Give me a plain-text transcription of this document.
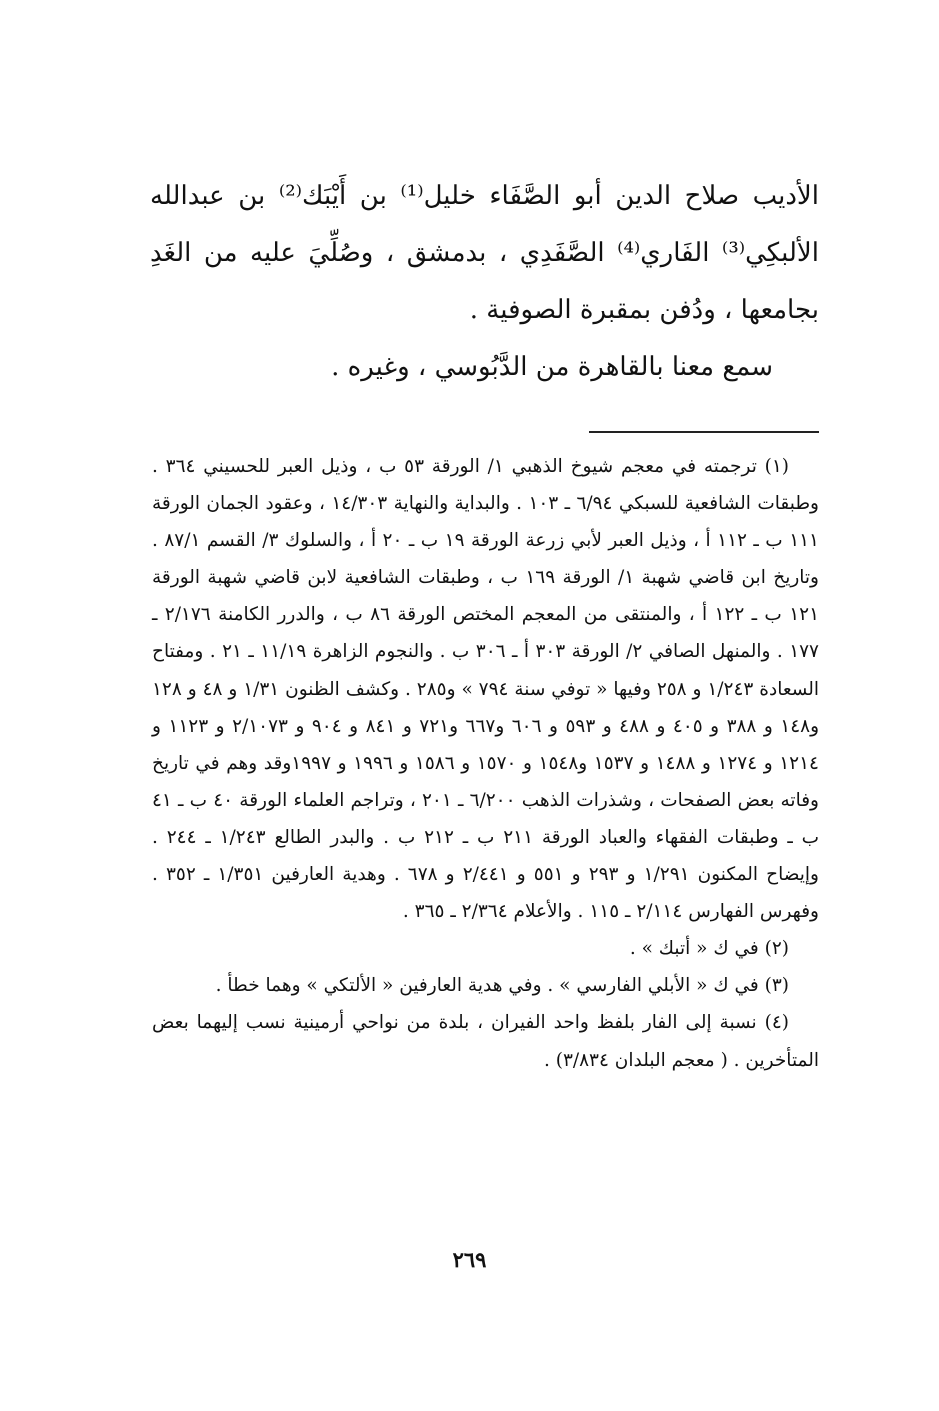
الأديب صلاح الدين أبو الصَّفَاء خليل⁽¹⁾ بن أَيْبَك⁽²⁾ بن عبدالله الألبكِي⁽³⁾ الفَاري⁽⁴⁾ الصَّفَدِي ، بدمشق ، وصُلِّيَ عليه من الغَدِ بجامعها ، ودُفن بمقبرة الصوفية .

سمع معنا بالقاهرة من الدَّبُوسي ، وغيره .

(١) ترجمته في معجم شيوخ الذهبي ١/ الورقة ٥٣ ب ، وذيل العبر للحسيني ٣٦٤ . وطبقات الشافعية للسبكي ٦/٩٤ ـ ١٠٣ . والبداية والنهاية ١٤/٣٠٣ ، وعقود الجمان الورقة ١١١ ب ـ ١١٢ أ ، وذيل العبر لأبي زرعة الورقة ١٩ ب ـ ٢٠ أ ، والسلوك ٣/ القسم ٨٧/١ . وتاريخ ابن قاضي شهبة ١/ الورقة ١٦٩ ب ، وطبقات الشافعية لابن قاضي شهبة الورقة ١٢١ ب ـ ١٢٢ أ ، والمنتقى من المعجم المختص الورقة ٨٦ ب ، والدرر الكامنة ٢/١٧٦ ـ ١٧٧ . والمنهل الصافي ٢/ الورقة ٣٠٣ أ ـ ٣٠٦ ب . والنجوم الزاهرة ١١/١٩ ـ ٢١ . ومفتاح السعادة ١/٢٤٣ و ٢٥٨ وفيها « توفي سنة ٧٩٤ » و٢٨٥ . وكشف الظنون ١/٣١ و ٤٨ و ١٢٨ و١٤٨ و ٣٨٨ و ٤٠٥ و ٤٨٨ و ٥٩٣ و ٦٠٦ و٦٦٧ و٧٢١ و ٨٤١ و ٩٠٤ و ٢/١٠٧٣ و ١١٢٣ و ١٢١٤ و ١٢٧٤ و ١٤٨٨ و ١٥٣٧ و١٥٤٨ و ١٥٧٠ و ١٥٨٦ و ١٩٩٦ و ١٩٩٧وقد وهم في تاريخ وفاته بعض الصفحات ، وشذرات الذهب ٦/٢٠٠ ـ ٢٠١ ، وتراجم العلماء الورقة ٤٠ ب ـ ٤١ ب ـ وطبقات الفقهاء والعباد الورقة ٢١١ ب ـ ٢١٢ ب . والبدر الطالع ١/٢٤٣ ـ ٢٤٤ . وإيضاح المكنون ١/٢٩١ و ٢٩٣ و ٥٥١ و ٢/٤٤١ و ٦٧٨ . وهدية العارفين ١/٣٥١ ـ ٣٥٢ . وفهرس الفهارس ٢/١١٤ ـ ١١٥ . والأعلام ٢/٣٦٤ ـ ٣٦٥ .

(٢) في ك « أتبك » .

(٣) في ك « الأبلي الفارسي » . وفي هدية العارفين « الألتكي » وهما خطأ .

(٤) نسبة إلى الفار بلفظ واحد الفيران ، بلدة من نواحي أرمينية نسب إليهما بعض المتأخرين . ( معجم البلدان ٣/٨٣٤) .

٢٦٩
